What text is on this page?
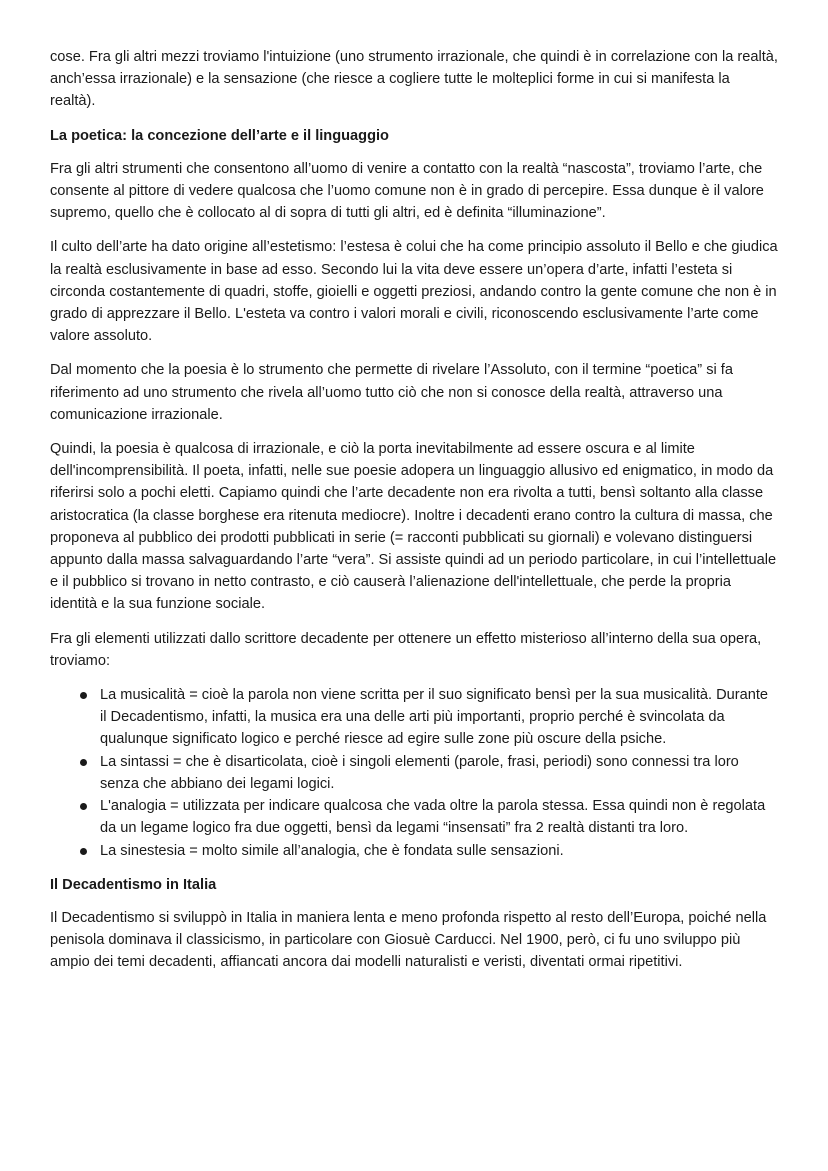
cose. Fra gli altri mezzi troviamo l'intuizione (uno strumento irrazionale, che quindi è in correlazione con la realtà, anch’essa irrazionale) e la sensazione (che riesce a cogliere tutte le molteplici forme in cui si manifesta la realtà).

La poetica: la concezione dell’arte e il linguaggio

Fra gli altri strumenti che consentono all’uomo di venire a contatto con la realtà “nascosta”, troviamo l’arte, che consente al pittore di vedere qualcosa che l’uomo comune non è in grado di percepire. Essa dunque è il valore supremo, quello che è collocato al di sopra di tutti gli altri, ed è definita “illuminazione”.

Il culto dell’arte ha dato origine all’estetismo: l’estesa è colui che ha come principio assoluto il Bello e che giudica la realtà esclusivamente in base ad esso. Secondo lui la vita deve essere un’opera d’arte, infatti l’esteta si circonda costantemente di quadri, stoffe, gioielli e oggetti preziosi, andando contro la gente comune che non è in grado di apprezzare il Bello. L'esteta va contro i valori morali e civili, riconoscendo esclusivamente l’arte come valore assoluto.

Dal momento che la poesia è lo strumento che permette di rivelare l’Assoluto, con il termine “poetica” si fa riferimento ad uno strumento che rivela all’uomo tutto ciò che non si conosce della realtà, attraverso una comunicazione irrazionale.

Quindi, la poesia è qualcosa di irrazionale, e ciò la porta inevitabilmente ad essere oscura e al limite dell'incomprensibilità. Il poeta, infatti, nelle sue poesie adopera un linguaggio allusivo ed enigmatico, in modo da riferirsi solo a pochi eletti. Capiamo quindi che l’arte decadente non era rivolta a tutti, bensì soltanto alla classe aristocratica (la classe borghese era ritenuta mediocre). Inoltre i decadenti erano contro la cultura di massa, che proponeva al pubblico dei prodotti pubblicati in serie (= racconti pubblicati su giornali) e volevano distinguersi appunto dalla massa salvaguardando l’arte “vera”. Si assiste quindi ad un periodo particolare, in cui l’intellettuale e il pubblico si trovano in netto contrasto, e ciò causerà l’alienazione dell'intellettuale, che perde la propria identità e la sua funzione sociale.

Fra gli elementi utilizzati dallo scrittore decadente per ottenere un effetto misterioso all’interno della sua opera, troviamo:

La musicalità = cioè la parola non viene scritta per il suo significato bensì per la sua musicalità. Durante il Decadentismo, infatti, la musica era una delle arti più importanti, proprio perché è svincolata da qualunque significato logico e perché riesce ad egire sulle zone più oscure della psiche.
La sintassi = che è disarticolata, cioè i singoli elementi (parole, frasi, periodi) sono connessi tra loro senza che abbiano dei legami logici.
L'analogia = utilizzata per indicare qualcosa che vada oltre la parola stessa. Essa quindi non è regolata da un legame logico fra due oggetti, bensì da legami “insensati” fra 2 realtà distanti tra loro.
La sinestesia = molto simile all’analogia, che è fondata sulle sensazioni.
Il Decadentismo in Italia

Il Decadentismo si sviluppò in Italia in maniera lenta e meno profonda rispetto al resto dell’Europa, poiché nella penisola dominava il classicismo, in particolare con Giosuè Carducci. Nel 1900, però, ci fu uno sviluppo più ampio dei temi decadenti, affiancati ancora dai modelli naturalisti e veristi, diventati ormai ripetitivi.
